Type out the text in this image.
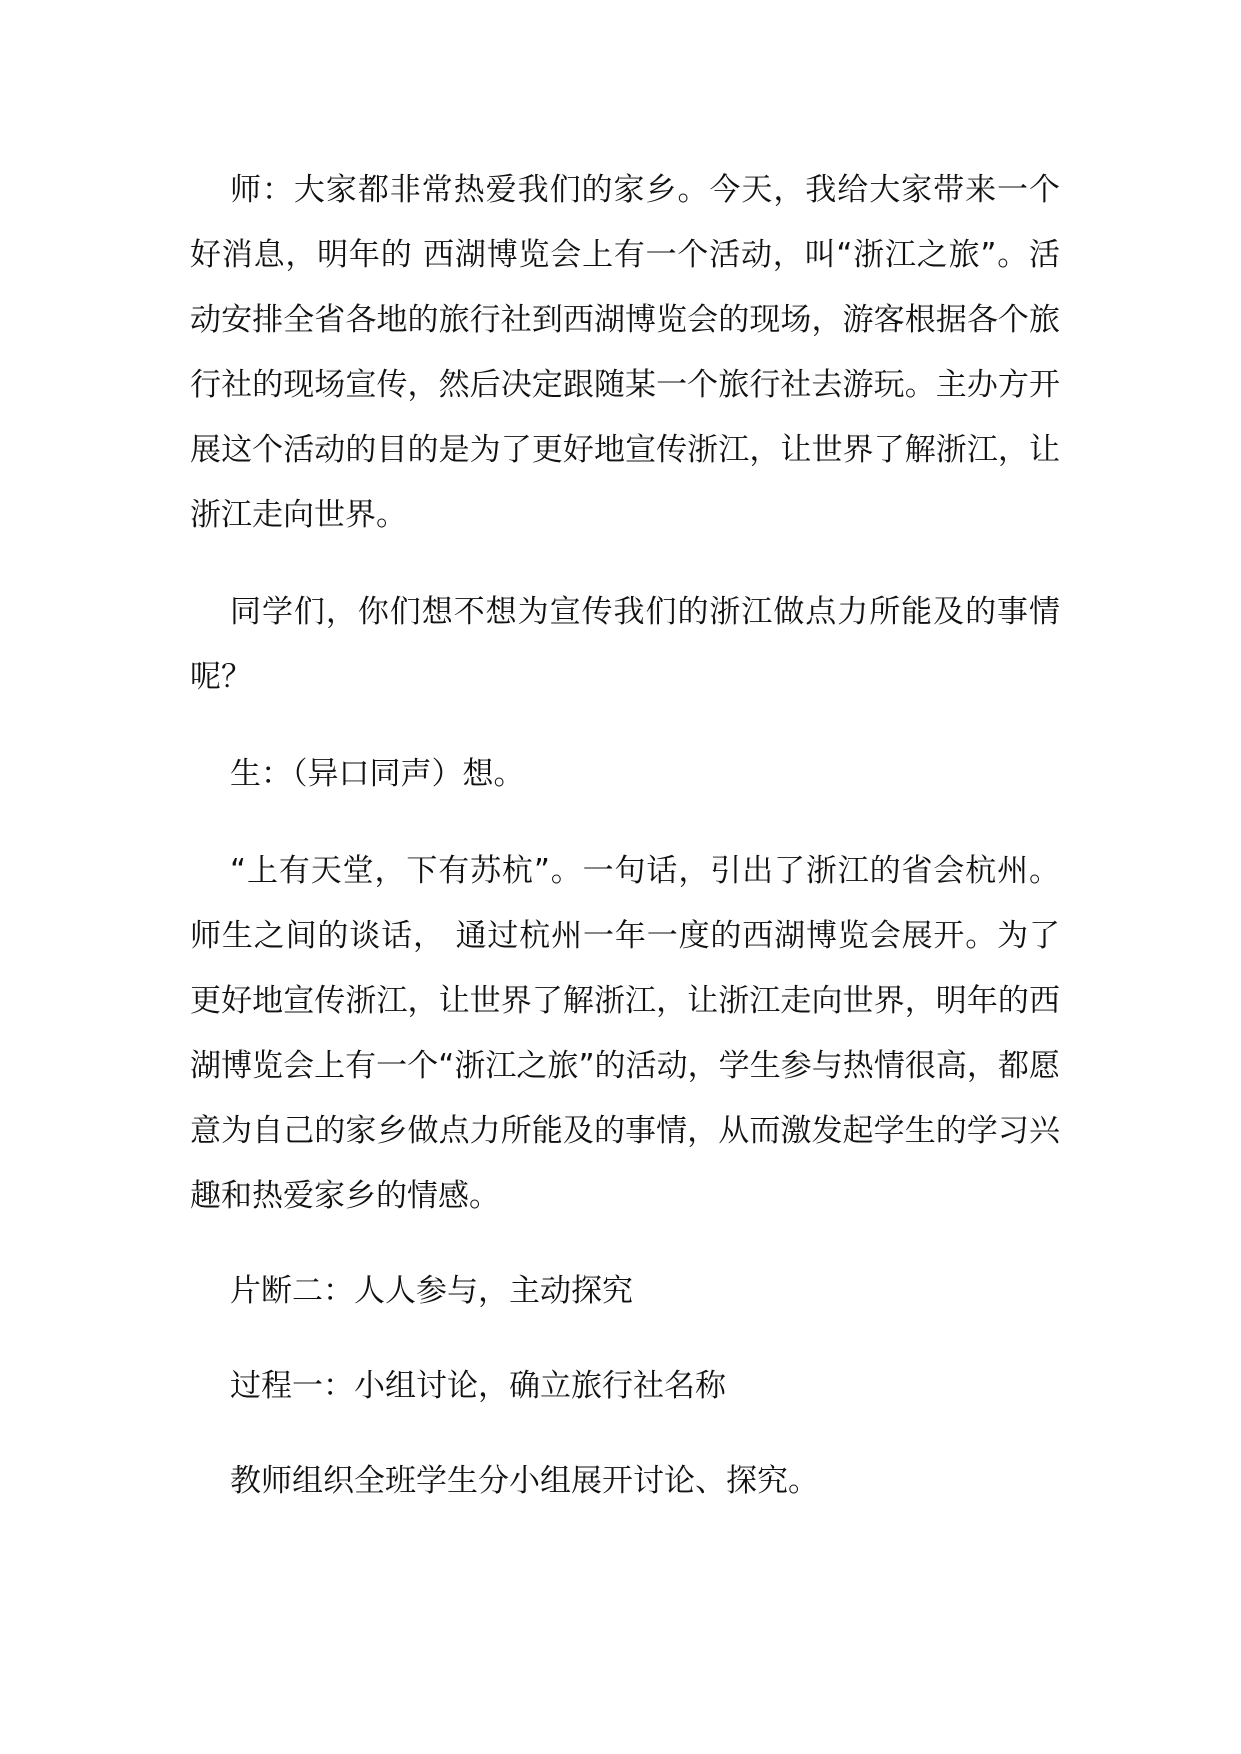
师：大家都非常热爱我们的家乡。今天，我给大家带来一个好消息，明年的 西湖博览会上有一个活动，叫“浙江之旅”。活动安排全省各地的旅行社到西湖博览会的现场，游客根据各个旅行社的现场宣传，然后决定跟随某一个旅行社去游玩。主办方开展这个活动的目的是为了更好地宣传浙江，让世界了解浙江，让浙江走向世界。

同学们，你们想不想为宣传我们的浙江做点力所能及的事情呢？

生：（异口同声）想。

“上有天堂，下有苏杭”。一句话，引出了浙江的省会杭州。 师生之间的谈话， 通过杭州一年一度的西湖博览会展开。为了更好地宣传浙江，让世界了解浙江，让浙江走向世界，明年的西湖博览会上有一个“浙江之旅”的活动，学生参与热情很高，都愿意为自己的家乡做点力所能及的事情，从而激发起学生的学习兴趣和热爱家乡的情感。

片断二：人人参与，主动探究

过程一：小组讨论，确立旅行社名称

教师组织全班学生分小组展开讨论、探究。
